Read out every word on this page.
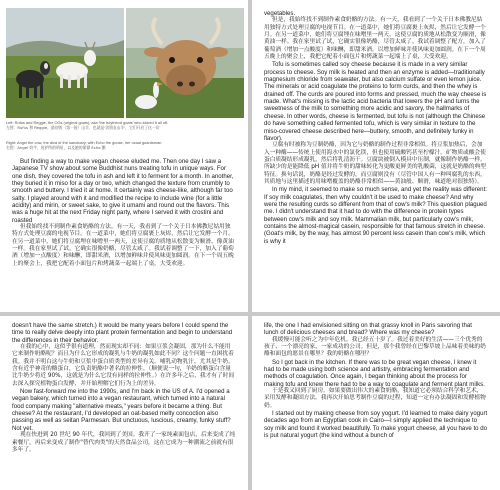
Left: Rufus and Reggie, the OGs (original goats), aka 'the boyfriend goats' who kicked it all off.
左图：Rufus 和 Reggie，最初的（第一批）山羊，也就是'男朋友山羊'，它们开启了这一切
Right: Angel the cow, the diva of the sanctuary, with Echo the goose, her usual guardsman
右图：Angel 奶牛，庇护所的明星，以及她的保镖 Echo 鹅

But finding a way to make vegan cheese eluded me. Then one day I saw a Japanese TV show about some Buddhist nuns treating tofu in unique ways. For one dish, they covered the tofu in ash and left it to ferment for a month. In another, they buried it in miso for a day or two, which changed the texture from crumbly to smooth and buttery. I tried it at home. It certainly was cheese-like, although far too salty. I played around with it and modified the recipe to include wine (for a little acidity) and mirin, or sweet sake, to give it umami and round out the flavors. This was a huge hit at the next Friday night party, where I served it with crostini and roasted

但我始终找不到制作素食奶酪的方法。有一天，我看到了一个关于日本佛教尼姑用独特方式处理豆腐的电视节目。在一道菜中，她们将豆腐裹上灰烬，然后让它发酵一个月。在另一道菜中，她们将豆腐埋在味噌里一两天，这使豆腐的质地从松散变为顺滑、像黄油一样。我在家里试了试。它确实很像奶酪，尽管太咸了。我试着调整了一下，加入了葡萄酒（增加一点酸度）和味醂，即甜米酒，以增加鲜味并使风味更加圆润。在下一个周五晚上的聚会上，我把它配着小面包片和烤蔬菜一起端上了桌，大受欢迎。

vegetables.

但是，我始终找不到制作素食奶酪的方法。有一天，我看到了一个关于日本佛教尼姑用独特方式处理豆腐的电视节目。在一道菜中，她们将豆腐裹上灰烬，然后让它发酵一个月。在另一道菜中，她们将豆腐埋在味噌里一两天，这使豆腐的质地从松散变为顺滑，像黄油一样。我在家里试了试，它确实很像奶酪，尽管太咸了。我试着调整了配方，加入了葡萄酒（增加一点酸度）和味醂，即甜米酒，以增加鲜味并使风味更加圆润。在下一个周五晚上的聚会上，我把它配着小面包片和烤蔬菜一起端上了桌，大受欢迎。

Tofu is sometimes called soy cheese because it is made in a very similar process to cheese. Soy milk is heated and then an enzyme is added—traditionally magnesium chloride from seawater, but also calcium sulfate or even lemon juice. The minerals or acid coagulate the proteins to form curds, and then the whey is drained off. The curds are poured into forms and pressed, much the way cheese is made. What's missing is the lactic acid bacteria that lowers the pH and turns the sweetness of the milk to something more acidic and savory, the hallmarks of cheese. In other words, cheese is fermented, but tofu is not (although the Chinese do have something called fermented tofu, which is very similar in texture to the miso-covered cheese described here—buttery, smooth, and definitely funky in flavor).

豆腐有时被称为豆制奶酪，因为它与奶酪的制作过程非常相似。将豆浆加热后，会加入一种酶——传统上使用海水中的氯化镁，但也使用硫酸钙甚至柠檬汁。矿物质或酸会使蛋白质凝结形成凝乳，然后将乳清沥干。豆腐块被倒入模具中压制，就像制作奶酪一样。所缺少的是能降低 pH 值并将牛奶的甜味转化为更酸更鲜美的乳酸菌，这就是奶酪的典型特征。换句话说，奶酪是经过发酵的，而豆腐则没有（尽管中国人有一种叫腐乳的东西，其质地与这里描述的用味噌覆盖的奶酪非常相似——黄油般、顺滑，味道绝对很独特）。

In my mind, it seemed to make so much sense, and yet the reality was different: If soy milk coagulates, then why couldn't it be used to make cheese? And why were the resulting curds so different from that of cow's milk? This question plagued me. I didn't understand that it had to do with the difference in protein types between cow's milk and soy milk. Mammalian milk, but particularly cow's milk, contains the almost-magical casein, responsible for that famous stretch in cheese. (Goat's milk, by the way, has almost 90 percent less casein than cow's milk, which is why it

doesn't have the same stretch.) It would be many years before I could spend the time to really delve deeply into plant protein fermentation and begin to understand the differences in their behavior.

在我的心中，这似乎很有道理，然而现实却不同：如果豆浆会凝固，那为什么不能用它来制作奶酪呢？而且为什么它形成的凝乳与牛奶的凝乳如此不同？这个问题一直困扰着我。我并不明白这与牛奶和豆浆中蛋白质类型的差异有关。哺乳动物乳汁，尤其是牛奶，含有近乎神奇的酪蛋白，它负责奶酪中著名的拉伸性。（顺便说一句，羊奶的酪蛋白含量比牛奶少将近 90%，这就是为什么它没有同样的拉伸性。）在许多年之后，我才有了时间去深入探究植物蛋白发酵，并开始理解它们行为上的差异。

Now fast-forward me into the 1990s, and I'm back in the US of A. I'd opened a vegan bakery, which turned into a vegan restaurant, which turned into a natural food company making "alternative meats," years before it became a thing. But cheese? At the restaurant, I'd developed an oat-based melty concoction also passing as well as seitan Parmesan. But unctuous, luscious, creamy, funky stuff? Not yet.

现在快进到 20 世纪 90 年代，我回到了美国。我开了一家纯素面包店，后来变成了纯素餐厅，再后来变成了制作"替代肉类"的天然食品公司，这在它成为一种潮流之前就有很多年了。

life, the one I had envisioned sitting on that grassy knoll in Paris savoring that lunch of delicious cheeses and bread? Where was my cheese?

我缓慢可能会听之为中年危机。我已经五十岁了。我过着美好的生活——三个优秀的孩子、一个漂亮的家、一家成功的公司。但是，那个我曾经在巴黎草坡上品味着美味的奶酪和面包的愿景在哪里？我的奶酪在哪里？

So I got back in the kitchen. If there was to be great vegan cheese, I knew it had to be made using both science and artistry, embracing fermentation and methods of coagulation. Once again, I began thinking about the process for making tofu and knew there had to be a way to coagulate and ferment plant milks.

于是我又回到了厨房。如果要做出伟大的素食奶酪，我知道它必须结合科学和艺术，采用发酵和凝固方法。我再次开始思考制作豆腐的过程，知道一定有办法凝固和发酵植物奶。

I started out by making cheese from soy yogurt. I'd learned to make dairy yogurt decades ago from an Egyptian cook in Cairo—I simply applied the technique to soy milk and found it worked beautifully. To make yogurt cheese, all you have to do is put natural yogurt (the kind without a bunch of
